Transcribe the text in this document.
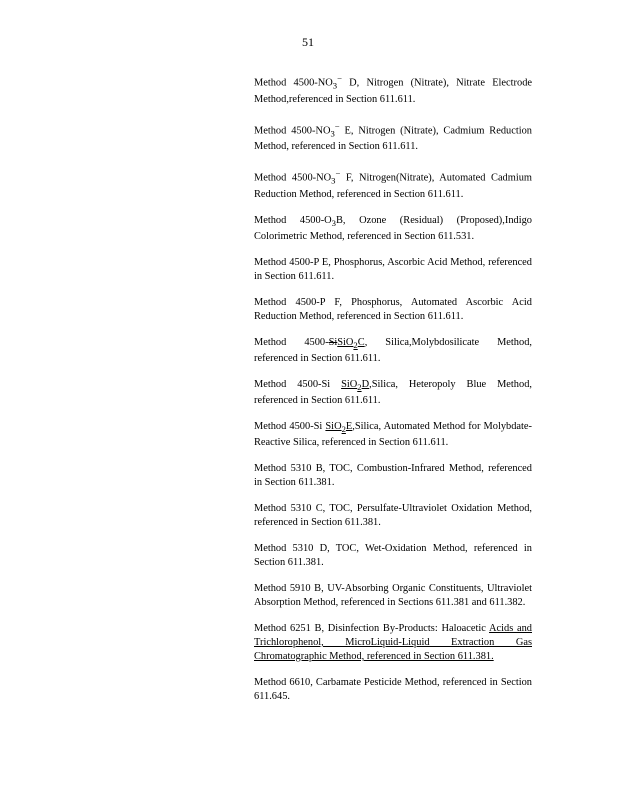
51

Method $4500-NO_3^-$ D, Nitrogen (Nitrate), Nitrate Electrode Method,referenced in Section 611.611.

Method $4500-NO_3^-$ E, Nitrogen (Nitrate), Cadmium Reduction Method, referenced in Section 611.611.

Method $4500-NO_3^-$ F, Nitrogen(Nitrate), Automated Cadmium Reduction Method, referenced in Section 611.611.

Method $4500-O_3B$, Ozone (Residual) (Proposed),Indigo Colorimetric Method, referenced in Section 611.531.

Method 4500-P E, Phosphorus, Ascorbic Acid Method, referenced in Section 611.611.

Method 4500-P F, Phosphorus, Automated Ascorbic Acid Reduction Method, referenced in Section 611.611.

Method 4500-SiSiO$_2$C, Silica,Molybdosilicate Method, referenced in Section 611.611.

Method 4500-Si SiO$_2$D,Silica, Heteropoly Blue Method, referenced in Section 611.611.

Method 4500-Si SiO$_2$E,Silica, Automated Method for Molybdate-Reactive Silica, referenced in Section 611.611.

Method 5310 B, TOC, Combustion-Infrared Method, referenced in Section 611.381.

Method 5310 C, TOC, Persulfate-Ultraviolet Oxidation Method, referenced in Section 611.381.

Method 5310 D, TOC, Wet-Oxidation Method, referenced in Section 611.381.

Method 5910 B, UV-Absorbing Organic Constituents, Ultraviolet Absorption Method, referenced in Sections 611.381 and 611.382.

Method 6251 B, Disinfection By-Products: Haloacetic Acids and Trichlorophenol, MicroLiquid-Liquid Extraction Gas Chromatographic Method, referenced in Section 611.381.

Method 6610, Carbamate Pesticide Method, referenced in Section 611.645.
